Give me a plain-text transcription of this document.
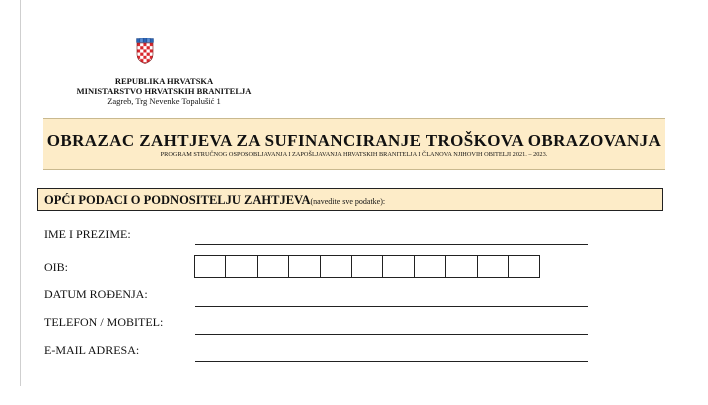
REPUBLIKA HRVATSKA
MINISTARSTVO HRVATSKIH BRANITELJA
Zagreb, Trg Nevenke Topalušić 1
OBRAZAC ZAHTJEVA ZA SUFINANCIRANJE TROŠKOVA OBRAZOVANJA
PROGRAM STRUČNOG OSPOSOBLJAVANJA I ZAPOŠLJAVANJA HRVATSKIH BRANITELJA I ČLANOVA NJIHOVIH OBITELJI 2021. – 2023.
OPĆI PODACI O PODNOSITELJU ZAHTJEVA(navedite sve podatke):
IME I PREZIME:
OIB:
DATUM ROĐENJA:
TELEFON / MOBITEL:
E-MAIL ADRESA:
